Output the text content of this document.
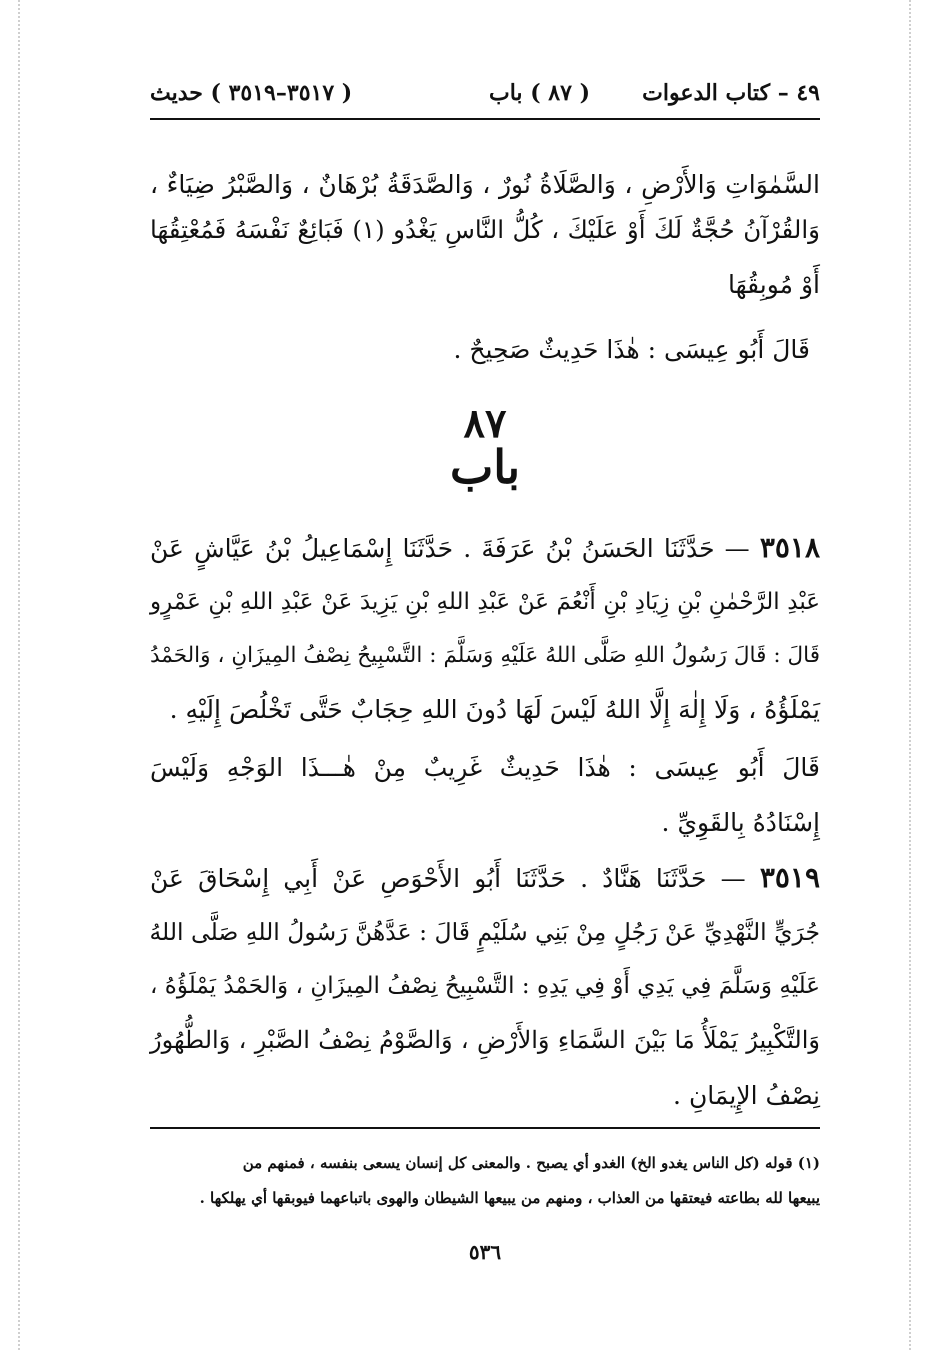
٤٩ – كتاب الدعوات
( ٨٧ ) باب
( ٣٥١٧–٣٥١٩ ) حديث
السَّمٰوَاتِ وَالأَرْضِ ، وَالصَّلَاةُ نُورٌ ، وَالصَّدَقَةُ بُرْهَانٌ ، وَالصَّبْرُ ضِيَاءٌ ،
وَالقُرْآنُ حُجَّةٌ لَكَ أَوْ عَلَيْكَ ، كُلُّ النَّاسِ يَغْدُو (١) فَبَائِعٌ نَفْسَهُ فَمُعْتِقُهَا
أَوْ مُوبِقُهَا
قَالَ أَبُو عِيسَى : هٰذَا حَدِيثٌ صَحِيحٌ .
٨٧
باب
٣٥١٨ — حَدَّثَنَا الحَسَنُ بْنُ عَرَفَةَ . حَدَّثَنَا إِسْمَاعِيلُ بْنُ عَيَّاشٍ عَنْ
عَبْدِ الرَّحْمٰنِ بْنِ زِيَادِ بْنِ أَنْعُمَ عَنْ عَبْدِ اللهِ بْنِ يَزِيدَ عَنْ عَبْدِ اللهِ بْنِ عَمْرٍو
قَالَ : قَالَ رَسُولُ اللهِ صَلَّى اللهُ عَلَيْهِ وَسَلَّمَ : التَّسْبِيحُ نِصْفُ المِيزَانِ ، وَالحَمْدُ
يَمْلَؤُهُ ، وَلَا إِلٰهَ إِلَّا اللهُ لَيْسَ لَهَا دُونَ اللهِ حِجَابٌ حَتَّى تَخْلُصَ إِلَيْهِ .
قَالَ أَبُو عِيسَى : هٰذَا حَدِيثٌ غَرِيبٌ مِنْ هٰـــذَا الوَجْهِ وَلَيْسَ
إِسْنَادُهُ بِالقَوِيِّ .
٣٥١٩ — حَدَّثَنَا هَنَّادٌ . حَدَّثَنَا أَبُو الأَحْوَصِ عَنْ أَبِي إِسْحَاقَ عَنْ
جُرَيٍّ النَّهْدِيِّ عَنْ رَجُلٍ مِنْ بَنِي سُلَيْمٍ قَالَ : عَدَّهُنَّ رَسُولُ اللهِ صَلَّى اللهُ
عَلَيْهِ وَسَلَّمَ فِي يَدِي أَوْ فِي يَدِهِ : التَّسْبِيحُ نِصْفُ المِيزَانِ ، وَالحَمْدُ يَمْلَؤُهُ ،
وَالتَّكْبِيرُ يَمْلَأُ مَا بَيْنَ السَّمَاءِ وَالأَرْضِ ، وَالصَّوْمُ نِصْفُ الصَّبْرِ ، وَالطُّهُورُ
نِصْفُ الإِيمَانِ .
(١) قوله (كل الناس يغدو الخ) الغدو أي يصبح . والمعنى كل إنسان يسعى بنفسه ، فمنهم من
يبيعها لله بطاعته فيعتقها من العذاب ، ومنهم من يبيعها الشيطان والهوى باتباعهما فيوبقها أي يهلكها .
٥٣٦
